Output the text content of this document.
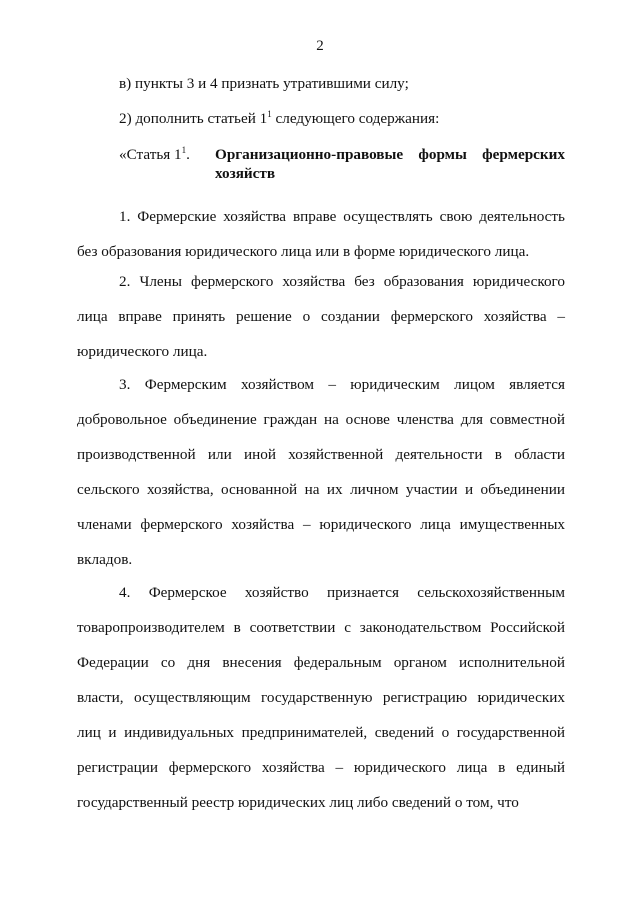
2

в) пункты 3 и 4 признать утратившими силу;

2) дополнить статьей $1^1$ следующего содержания:

«Статья $1^1$.	Организационно-правовые формы фермерских хозяйств

1. Фермерские хозяйства вправе осуществлять свою деятельность без образования юридического лица или в форме юридического лица.

2. Члены фермерского хозяйства без образования юридического лица вправе принять решение о создании фермерского хозяйства – юридического лица.

3. Фермерским хозяйством – юридическим лицом является добровольное объединение граждан на основе членства для совместной производственной или иной хозяйственной деятельности в области сельского хозяйства, основанной на их личном участии и объединении членами фермерского хозяйства – юридического лица имущественных вкладов.

4. Фермерское хозяйство признается сельскохозяйственным товаропроизводителем в соответствии с законодательством Российской Федерации со дня внесения федеральным органом исполнительной власти, осуществляющим государственную регистрацию юридических лиц и индивидуальных предпринимателей, сведений о государственной регистрации фермерского хозяйства – юридического лица в единый государственный реестр юридических лиц либо сведений о том, что
